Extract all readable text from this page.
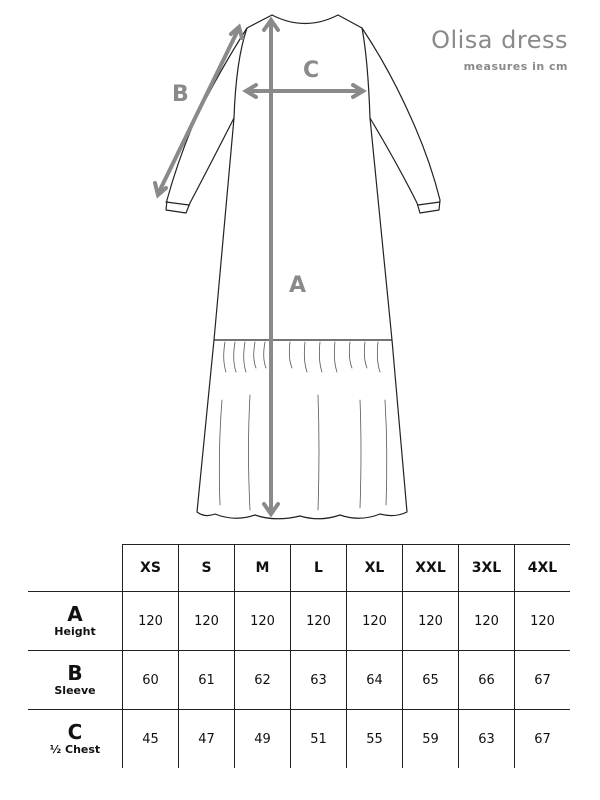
Olisa dress
measures in cm
A
B
C
	XS	S	M	L	XL	XXL	3XL	4XL

A
Height	120	120	120	120	120	120	120	120

B
Sleeve	60	61	62	63	64	65	66	67

C
½ Chest	45	47	49	51	55	59	63	67
